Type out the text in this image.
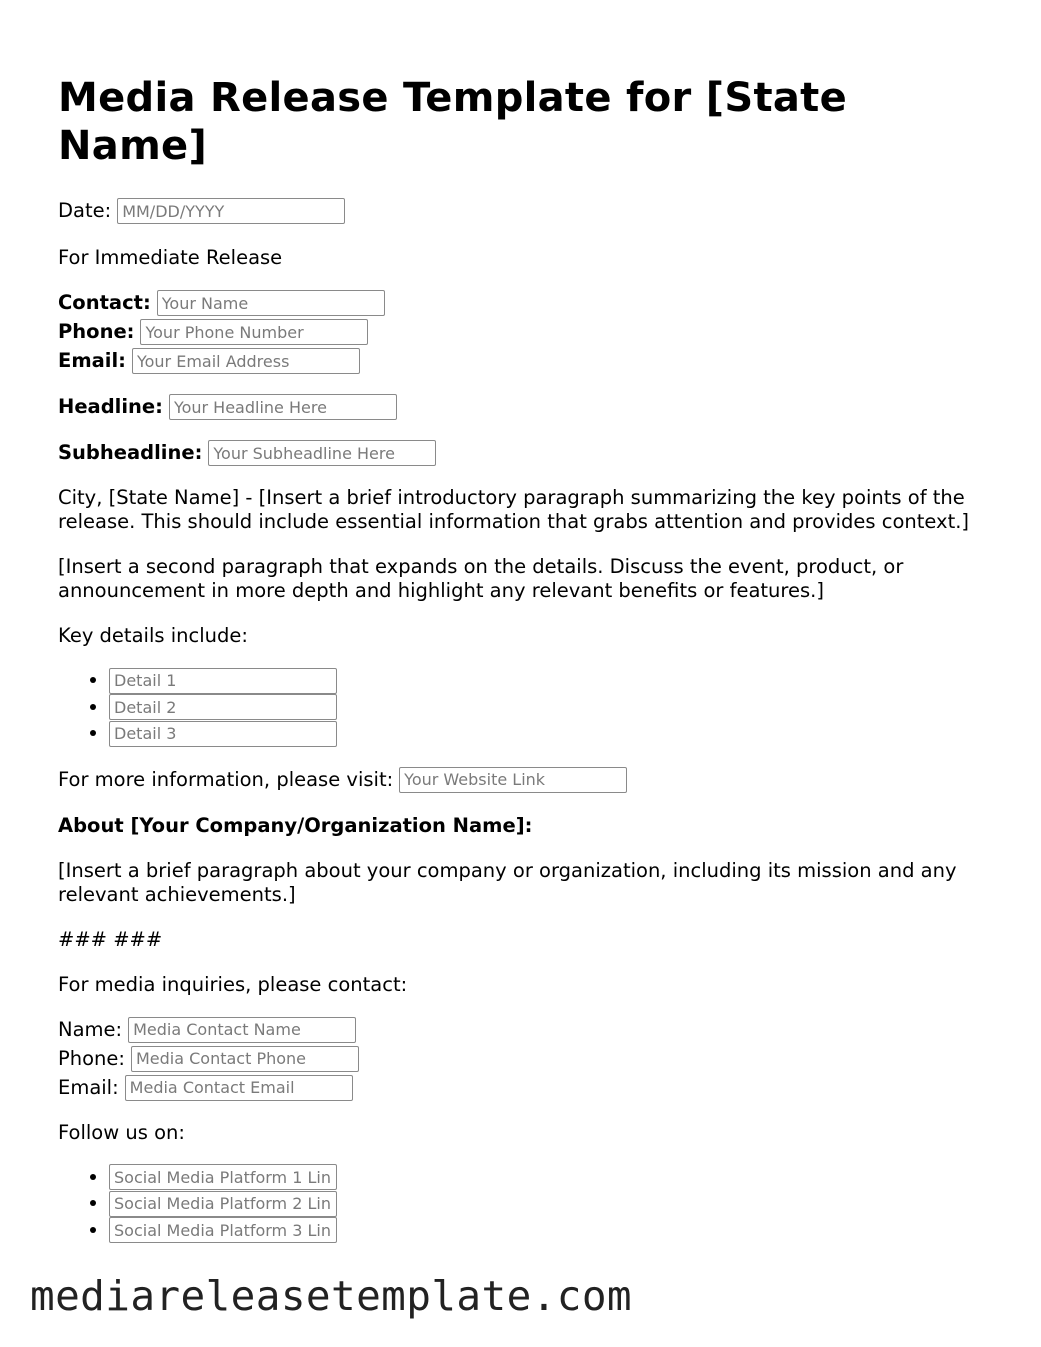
Media Release Template for [State Name]
Date:
MM/DD/YYYY

For Immediate Release

Contact:
Your Name
Phone:
Your Phone Number
Email:
Your Email Address
Headline:
Your Headline Here
Subheadline:
Your Subheadline Here

City, [State Name] - [Insert a brief introductory paragraph summarizing the key points of the release. This should include essential information that grabs attention and provides context.]

[Insert a second paragraph that expands on the details. Discuss the event, product, or announcement in more depth and highlight any relevant benefits or features.]

Key details include:

• Detail 1
• Detail 2
• Detail 3
For more information, please visit:
Your Website Link

About [Your Company/Organization Name]:

[Insert a brief paragraph about your company or organization, including its mission and any relevant achievements.]

### ###

For media inquiries, please contact:

Name:
Media Contact Name
Phone:
Media Contact Phone
Email:
Media Contact Email

Follow us on:

• Social Media Platform 1 Link
• Social Media Platform 2 Link
• Social Media Platform 3 Link
mediareleasetemplate.com
